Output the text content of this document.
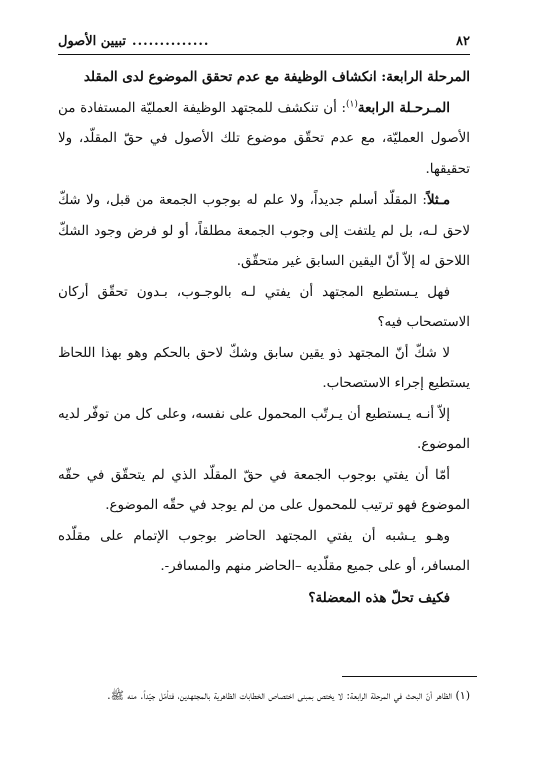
٨٢
..............
تبيين الأصول

المرحلة الرابعة: انكشاف الوظيفة مع عدم تحقق الموضوع لدى المقلد

المـرحـلة الرابعة$^{(١)}$: أن تنكشف للمجتهد الوظيفة العمليّة المستفادة من الأصول العمليّة، مع عدم تحقّق موضوع تلك الأصول في حقّ المقلّد، ولا تحقيقها.

مـثلاً: المقلّد أسلم جديداً، ولا علم له بوجوب الجمعة من قبل، ولا شكّ لاحق لـه، بل لم يلتفت إلى وجوب الجمعة مطلقاً، أو لو فرض وجود الشكّ اللاحق له إلاّ أنّ اليقين السابق غير متحقّق.

فهل يـستطيع المجتهد أن يفتي لـه بالوجـوب، بـدون تحقّق أركان الاستصحاب فيه؟

لا شكّ أنّ المجتهد ذو يقين سابق وشكّ لاحق بالحكم وهو بهذا اللحاظ يستطيع إجراء الاستصحاب.

إلاّ أنـه يـستطيع أن يـرتّب المحمول على نفسه، وعلى كل من توفّر لديه الموضوع.

أمّا أن يفتي بوجوب الجمعة في حقّ المقلّد الذي لم يتحقّق في حقّه الموضوع فهو ترتيب للمحمول على من لم يوجد في حقّه الموضوع.

وهـو يـشبه أن يفتي المجتهد الحاضر بوجوب الإتمام على مقلّده المسافر، أو على جميع مقلّديه –الحاضر منهم والمسافر-.

فكيف تحلّ هذه المعضلة؟

(١) الظاهر أنّ البحث في المرحلة الرابعة: لا يختص بمبنى اختصاص الخطابات الظاهرية بالمجتهدين، فتأمّل جيّداً. منه ﷺ.
